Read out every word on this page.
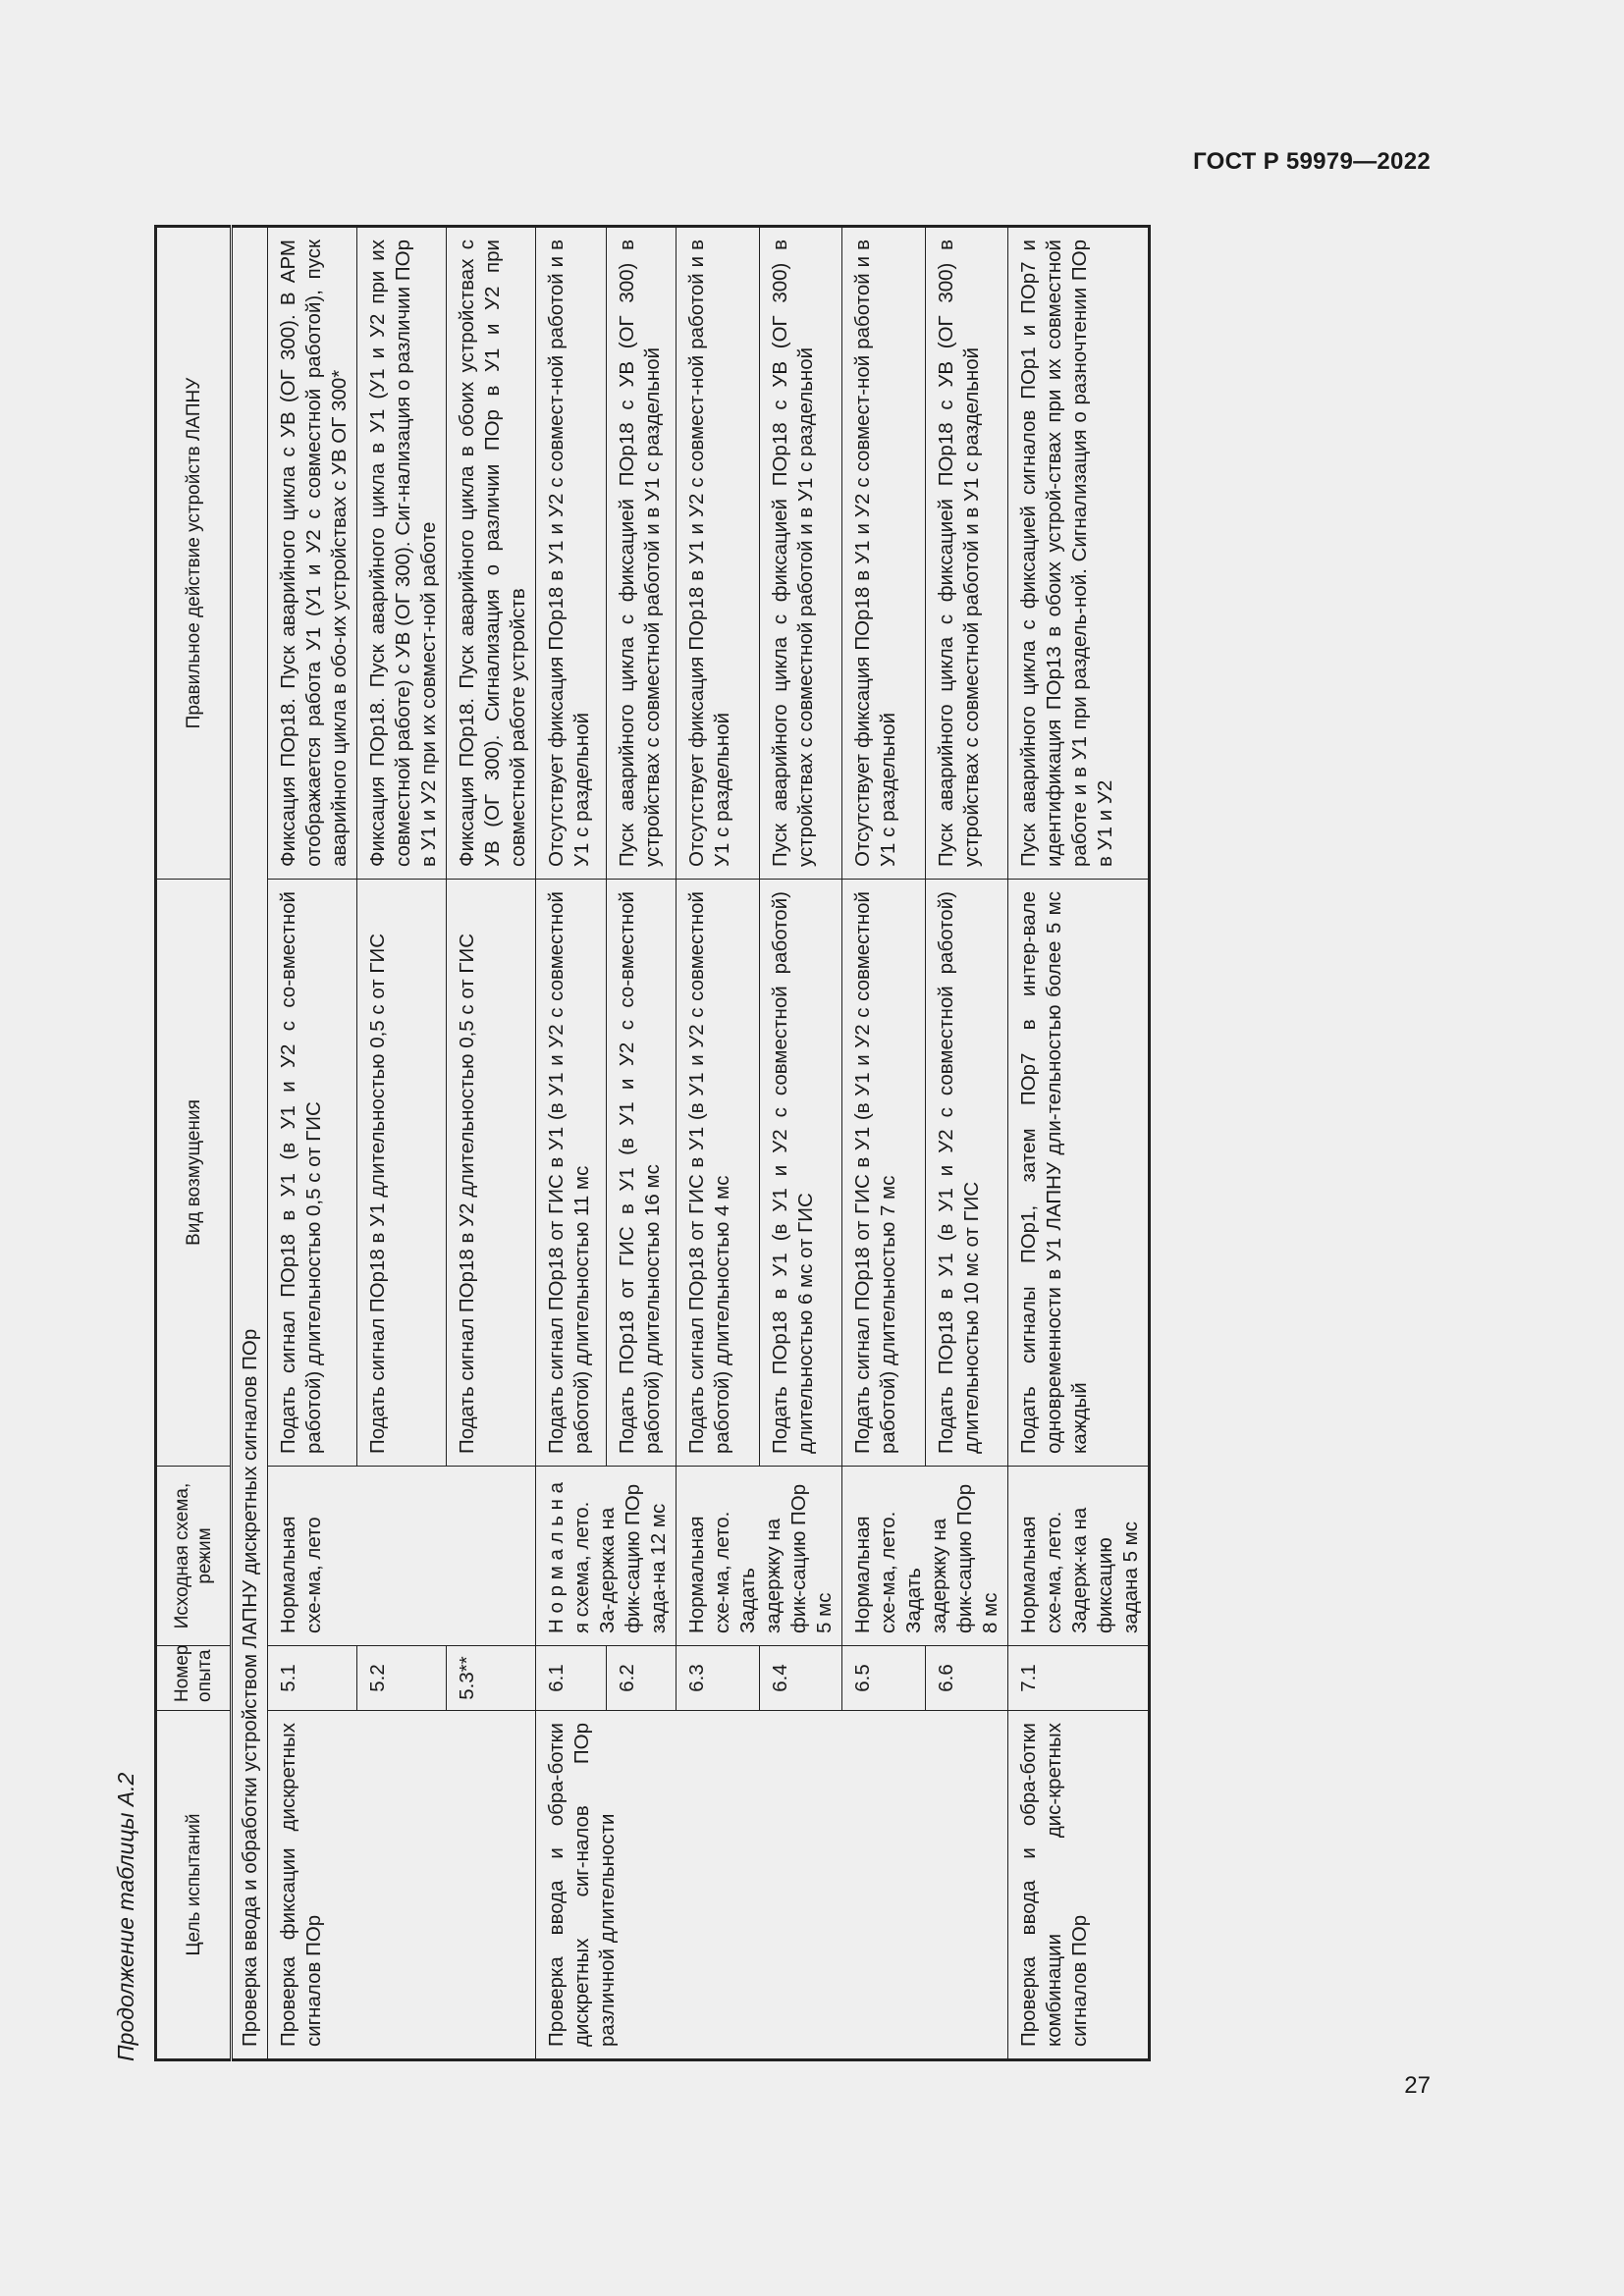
ГОСТ Р 59979—2022
27
Продолжение таблицы А.2 Цель испытаний	Номер опыта	Исходная схема, режим	Вид возмущения	Правильное действие устройств ЛАПНУ
Проверка ввода и обработки устройством ЛАПНУ дискретных сигналов ПОр				
Проверка фиксации дискретных сигналов ПОр	5.1	Нормальная схе-ма, лето	Подать сигнал ПОр18 в У1 (в У1 и У2 с со-вместной работой) длительностью 0,5 с от ГИС	Фиксация ПОр18. Пуск аварийного цикла с УВ (ОГ 300). В АРМ отображается работа У1 (У1 и У2 с совместной работой), пуск аварийного цикла в обо-их устройствах с УВ ОГ 300*
	5.2		Подать сигнал ПОр18 в У1 длительностью 0,5 с от ГИС	Фиксация ПОр18. Пуск аварийного цикла в У1 (У1 и У2 при их совместной работе) с УВ (ОГ 300). Сиг-нализация о различии ПОр в У1 и У2 при их совмест-ной работе
	5.3**		Подать сигнал ПОр18 в У2 длительностью 0,5 с от ГИС	Фиксация ПОр18. Пуск аварийного цикла в обоих устройствах с УВ (ОГ 300). Сигнализация о различии ПОр в У1 и У2 при совместной работе устройств
Проверка ввода и обра-ботки дискретных сиг-налов ПОр различной длительности	6.1	Н о р м а л ь н а я схема, лето. За-держка на фик-сацию ПОр зада-на 12 мс	Подать сигнал ПОр18 от ГИС в У1 (в У1 и У2 с совместной работой) длительностью 11 мс	Отсутствует фиксация ПОр18 в У1 и У2 с совмест-ной работой и в У1 с раздельной
	6.2		Подать ПОр18 от ГИС в У1 (в У1 и У2 с со-вместной работой) длительностью 16 мс	Пуск аварийного цикла с фиксацией ПОр18 с УВ (ОГ 300) в устройствах с совместной работой и в У1 с раздельной
	6.3	Нормальная схе-ма, лето. Задать задержку на фик-сацию ПОр 5 мс	Подать сигнал ПОр18 от ГИС в У1 (в У1 и У2 с совместной работой) длительностью 4 мс	Отсутствует фиксация ПОр18 в У1 и У2 с совмест-ной работой и в У1 с раздельной
	6.4		Подать ПОр18 в У1 (в У1 и У2 с совместной работой) длительностью 6 мс от ГИС	Пуск аварийного цикла с фиксацией ПОр18 с УВ (ОГ 300) в устройствах с совместной работой и в У1 с раздельной
	6.5	Нормальная схе-ма, лето. Задать задержку на фик-сацию ПОр 8 мс	Подать сигнал ПОр18 от ГИС в У1 (в У1 и У2 с совместной работой) длительностью 7 мс	Отсутствует фиксация ПОр18 в У1 и У2 с совмест-ной работой и в У1 с раздельной
	6.6		Подать ПОр18 в У1 (в У1 и У2 с совместной работой) длительностью 10 мс от ГИС	Пуск аварийного цикла с фиксацией ПОр18 с УВ (ОГ 300) в устройствах с совместной работой и в У1 с раздельной
Проверка ввода и обра-ботки комбинации дис-кретных сигналов ПОр	7.1	Нормальная схе-ма, лето. Задерж-ка на фиксацию задана 5 мс	Подать сигналы ПОр1, затем ПОр7 в интер-вале одновременности в У1 ЛАПНУ дли-тельностью более 5 мс каждый	Пуск аварийного цикла с фиксацией сигналов ПОр1 и ПОр7 и идентификация ПОр13 в обоих устрой-ствах при их совместной работе и в У1 при раздель-ной. Сигнализация о разночтении ПОр в У1 и У2
